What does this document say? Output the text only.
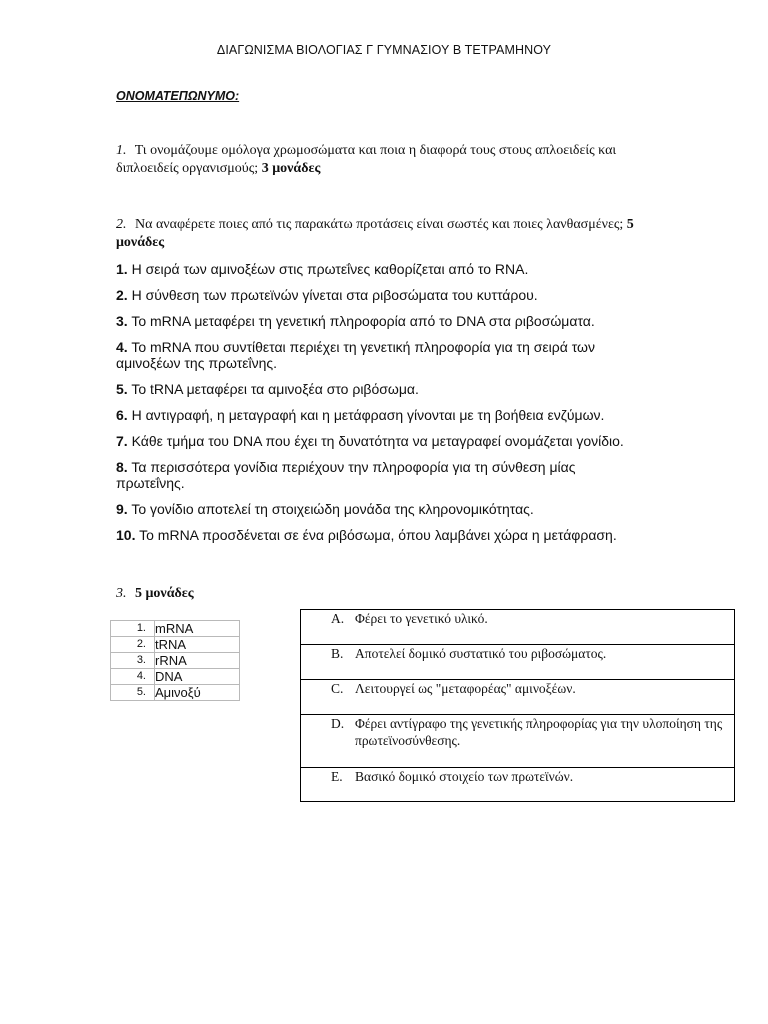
ΔΙΑΓΩΝΙΣΜΑ ΒΙΟΛΟΓΙΑΣ Γ ΓΥΜΝΑΣΙΟΥ Β ΤΕΤΡΑΜΗΝΟΥ
ΟΝΟΜΑΤΕΠΩΝΥΜΟ:
1. Τι ονομάζουμε ομόλογα χρωμοσώματα και ποια η διαφορά τους στους απλοειδείς και διπλοειδείς οργανισμούς; 3 μονάδες
2. Να αναφέρετε ποιες από τις παρακάτω προτάσεις είναι σωστές και ποιες λανθασμένες; 5 μονάδες
1. Η σειρά των αμινοξέων στις πρωτεΐνες καθορίζεται από το RNA.
2. Η σύνθεση των πρωτεϊνών γίνεται στα ριβοσώματα του κυττάρου.
3. Το mRNA μεταφέρει τη γενετική πληροφορία από το DNA στα ριβοσώματα.
4. Το mRNA που συντίθεται περιέχει τη γενετική πληροφορία για τη σειρά των αμινοξέων της πρωτεΐνης.
5. Το tRNA μεταφέρει τα αμινοξέα στο ριβόσωμα.
6. Η αντιγραφή, η μεταγραφή και η μετάφραση γίνονται με τη βοήθεια ενζύμων.
7. Κάθε τμήμα του DNA που έχει τη δυνατότητα να μεταγραφεί ονομάζεται γονίδιο.
8. Τα περισσότερα γονίδια περιέχουν την πληροφορία για τη σύνθεση μίας πρωτεΐνης.
9. Το γονίδιο αποτελεί τη στοιχειώδη μονάδα της κληρονομικότητας.
10. Το mRNA προσδένεται σε ένα ριβόσωμα, όπου λαμβάνει χώρα η μετάφραση.
3. 5 μονάδες
1.	mRNA
2.	tRNA
3.	rRNA
4.	DNA
5.	Αμινοξύ
A. Φέρει το γενετικό υλικό.

B. Αποτελεί δομικό συστατικό του ριβοσώματος.

C. Λειτουργεί ως "μεταφορέας" αμινοξέων.

D. Φέρει αντίγραφο της γενετικής πληροφορίας για την υλοποίηση της πρωτεϊνοσύνθεσης.

E. Βασικό δομικό στοιχείο των πρωτεϊνών.
